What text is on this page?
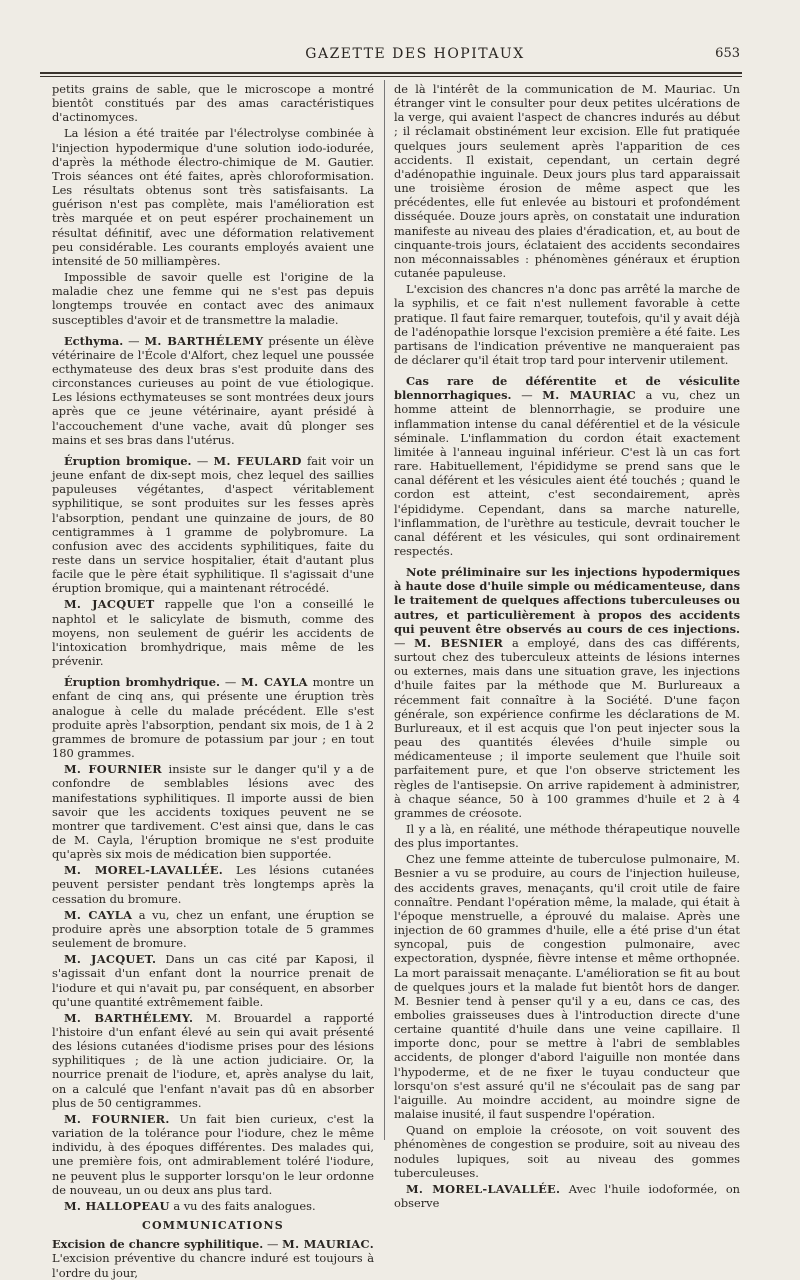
GAZETTE DES HOPITAUX	653

petits grains de sable, que le microscope a montré bientôt constitués par des amas caractéristiques d'actinomyces.

La lésion a été traitée par l'électrolyse combinée à l'injection hypodermique d'une solution iodo-iodurée, d'après la méthode électro-chimique de M. Gautier. Trois séances ont été faites, après chloroformisation. Les résultats obtenus sont très satisfaisants. La guérison n'est pas complète, mais l'amélioration est très marquée et on peut espérer prochainement un résultat définitif, avec une déformation relativement peu considérable. Les courants employés avaient une intensité de 50 milliampères.

Impossible de savoir quelle est l'origine de la maladie chez une femme qui ne s'est pas depuis longtemps trouvée en contact avec des animaux susceptibles d'avoir et de transmettre la maladie.

Ecthyma. — M. BARTHÉLEMY présente un élève vétérinaire de l'École d'Alfort, chez lequel une poussée ecthymateuse des deux bras s'est produite dans des circonstances curieuses au point de vue étiologique. Les lésions ecthymateuses se sont montrées deux jours après que ce jeune vétérinaire, ayant présidé à l'accouchement d'une vache, avait dû plonger ses mains et ses bras dans l'utérus.

Éruption bromique. — M. FEULARD fait voir un jeune enfant de dix-sept mois, chez lequel des saillies papuleuses végétantes, d'aspect véritablement syphilitique, se sont produites sur les fesses après l'absorption, pendant une quinzaine de jours, de 80 centigrammes à 1 gramme de polybromure. La confusion avec des accidents syphilitiques, faite du reste dans un service hospitalier, était d'autant plus facile que le père était syphilitique. Il s'agissait d'une éruption bromique, qui a maintenant rétrocédé.

M. JACQUET rappelle que l'on a conseillé le naphtol et le salicylate de bismuth, comme des moyens, non seulement de guérir les accidents de l'intoxication bromhydrique, mais même de les prévenir.

Éruption bromhydrique. — M. CAYLA montre un enfant de cinq ans, qui présente une éruption très analogue à celle du malade précédent. Elle s'est produite après l'absorption, pendant six mois, de 1 à 2 grammes de bromure de potassium par jour ; en tout 180 grammes.

M. FOURNIER insiste sur le danger qu'il y a de confondre de semblables lésions avec des manifestations syphilitiques. Il importe aussi de bien savoir que les accidents toxiques peuvent ne se montrer que tardivement. C'est ainsi que, dans le cas de M. Cayla, l'éruption bromique ne s'est produite qu'après six mois de médication bien supportée.

M. MOREL-LAVALLÉE. Les lésions cutanées peuvent persister pendant très longtemps après la cessation du bromure.

M. CAYLA a vu, chez un enfant, une éruption se produire après une absorption totale de 5 grammes seulement de bromure.

M. JACQUET. Dans un cas cité par Kaposi, il s'agissait d'un enfant dont la nourrice prenait de l'iodure et qui n'avait pu, par conséquent, en absorber qu'une quantité extrêmement faible.

M. BARTHÉLEMY. M. Brouardel a rapporté l'histoire d'un enfant élevé au sein qui avait présenté des lésions cutanées d'iodisme prises pour des lésions syphilitiques ; de là une action judiciaire. Or, la nourrice prenait de l'iodure, et, après analyse du lait, on a calculé que l'enfant n'avait pas dû en absorber plus de 50 centigrammes.

M. FOURNIER. Un fait bien curieux, c'est la variation de la tolérance pour l'iodure, chez le même individu, à des époques différentes. Des malades qui, une première fois, ont admirablement toléré l'iodure, ne peuvent plus le supporter lorsqu'on le leur ordonne de nouveau, un ou deux ans plus tard.

M. HALLOPEAU a vu des faits analogues.

COMMUNICATIONS

Excision de chancre syphilitique. — M. MAURIAC. L'excision préventive du chancre induré est toujours à l'ordre du jour,

de là l'intérêt de la communication de M. Mauriac. Un étranger vint le consulter pour deux petites ulcérations de la verge, qui avaient l'aspect de chancres indurés au début ; il réclamait obstinément leur excision. Elle fut pratiquée quelques jours seulement après l'apparition de ces accidents. Il existait, cependant, un certain degré d'adénopathie inguinale. Deux jours plus tard apparaissait une troisième érosion de même aspect que les précédentes, elle fut enlevée au bistouri et profondément disséquée. Douze jours après, on constatait une induration manifeste au niveau des plaies d'éradication, et, au bout de cinquante-trois jours, éclataient des accidents secondaires non méconnaissables : phénomènes généraux et éruption cutanée papuleuse.

L'excision des chancres n'a donc pas arrêté la marche de la syphilis, et ce fait n'est nullement favorable à cette pratique. Il faut faire remarquer, toutefois, qu'il y avait déjà de l'adénopathie lorsque l'excision première a été faite. Les partisans de l'indication préventive ne manqueraient pas de déclarer qu'il était trop tard pour intervenir utilement.

Cas rare de déférentite et de vésiculite blennorrhagiques. — M. MAURIAC a vu, chez un homme atteint de blennorrhagie, se produire une inflammation intense du canal déférentiel et de la vésicule séminale. L'inflammation du cordon était exactement limitée à l'anneau inguinal inférieur. C'est là un cas fort rare. Habituellement, l'épididyme se prend sans que le canal déférent et les vésicules aient été touchés ; quand le cordon est atteint, c'est secondairement, après l'épididyme. Cependant, dans sa marche naturelle, l'inflammation, de l'urèthre au testicule, devrait toucher le canal déférent et les vésicules, qui sont ordinairement respectés.

Note préliminaire sur les injections hypodermiques à haute dose d'huile simple ou médicamenteuse, dans le traitement de quelques affections tuberculeuses ou autres, et particulièrement à propos des accidents qui peuvent être observés au cours de ces injections. — M. BESNIER a employé, dans des cas différents, surtout chez des tuberculeux atteints de lésions internes ou externes, mais dans une situation grave, les injections d'huile faites par la méthode que M. Burlureaux a récemment fait connaître à la Société. D'une façon générale, son expérience confirme les déclarations de M. Burlureaux, et il est acquis que l'on peut injecter sous la peau des quantités élevées d'huile simple ou médicamenteuse ; il importe seulement que l'huile soit parfaitement pure, et que l'on observe strictement les règles de l'antisepsie. On arrive rapidement à administrer, à chaque séance, 50 à 100 grammes d'huile et 2 à 4 grammes de créosote.

Il y a là, en réalité, une méthode thérapeutique nouvelle des plus importantes.

Chez une femme atteinte de tuberculose pulmonaire, M. Besnier a vu se produire, au cours de l'injection huileuse, des accidents graves, menaçants, qu'il croit utile de faire connaître. Pendant l'opération même, la malade, qui était à l'époque menstruelle, a éprouvé du malaise. Après une injection de 60 grammes d'huile, elle a été prise d'un état syncopal, puis de congestion pulmonaire, avec expectoration, dyspnée, fièvre intense et même orthopnée. La mort paraissait menaçante. L'amélioration se fit au bout de quelques jours et la malade fut bientôt hors de danger. M. Besnier tend à penser qu'il y a eu, dans ce cas, des embolies graisseuses dues à l'introduction directe d'une certaine quantité d'huile dans une veine capillaire. Il importe donc, pour se mettre à l'abri de semblables accidents, de plonger d'abord l'aiguille non montée dans l'hypoderme, et de ne fixer le tuyau conducteur que lorsqu'on s'est assuré qu'il ne s'écoulait pas de sang par l'aiguille. Au moindre accident, au moindre signe de malaise inusité, il faut suspendre l'opération.

Quand on emploie la créosote, on voit souvent des phénomènes de congestion se produire, soit au niveau des nodules lupiques, soit au niveau des gommes tuberculeuses.

M. MOREL-LAVALLÉE. Avec l'huile iodoformée, on observe
